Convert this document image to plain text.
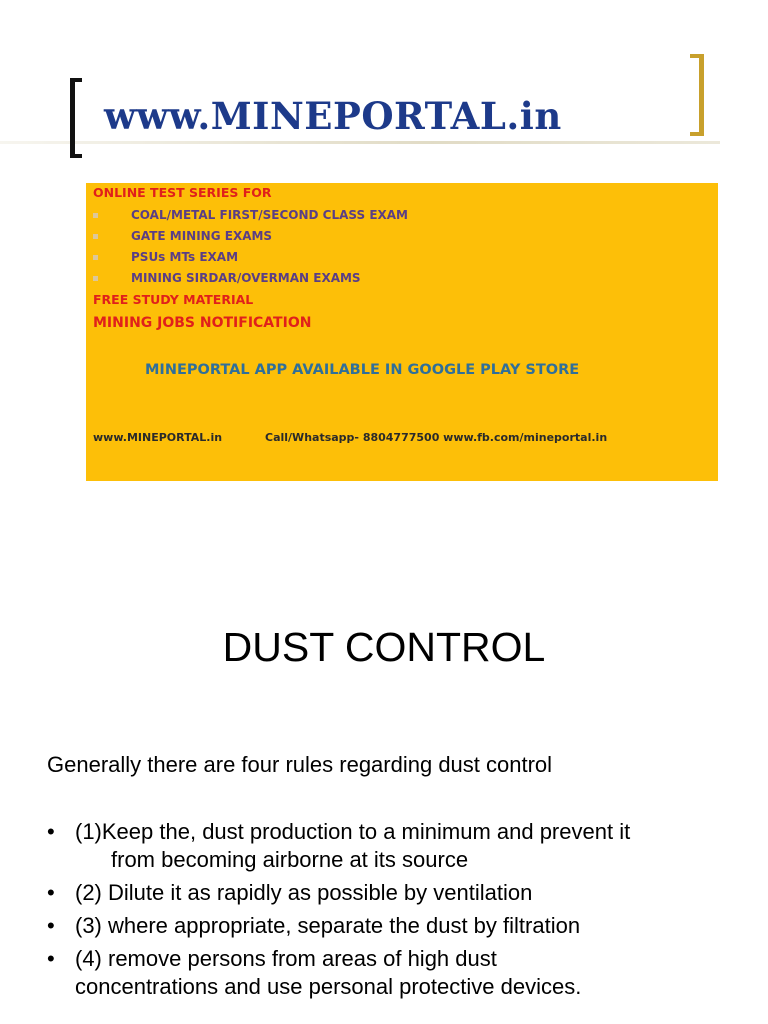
www.MINEPORTAL.in

ONLINE TEST SERIES FOR

COAL/METAL FIRST/SECOND CLASS EXAM
GATE MINING EXAMS
PSUs MTs EXAM
MINING SIRDAR/OVERMAN EXAMS

FREE STUDY MATERIAL

MINING JOBS NOTIFICATION

MINEPORTAL APP AVAILABLE IN GOOGLE PLAY STORE

www.MINEPORTAL.in	Call/Whatsapp- 8804777500 www.fb.com/mineportal.in

DUST CONTROL

Generally there are four rules regarding dust control

• (1)Keep the, dust production to a minimum and prevent it
from becoming airborne at its source
• (2) Dilute it as rapidly as possible by ventilation
• (3) where appropriate, separate the dust by filtration
• (4) remove persons from areas of high dust
concentrations and use personal protective devices.
